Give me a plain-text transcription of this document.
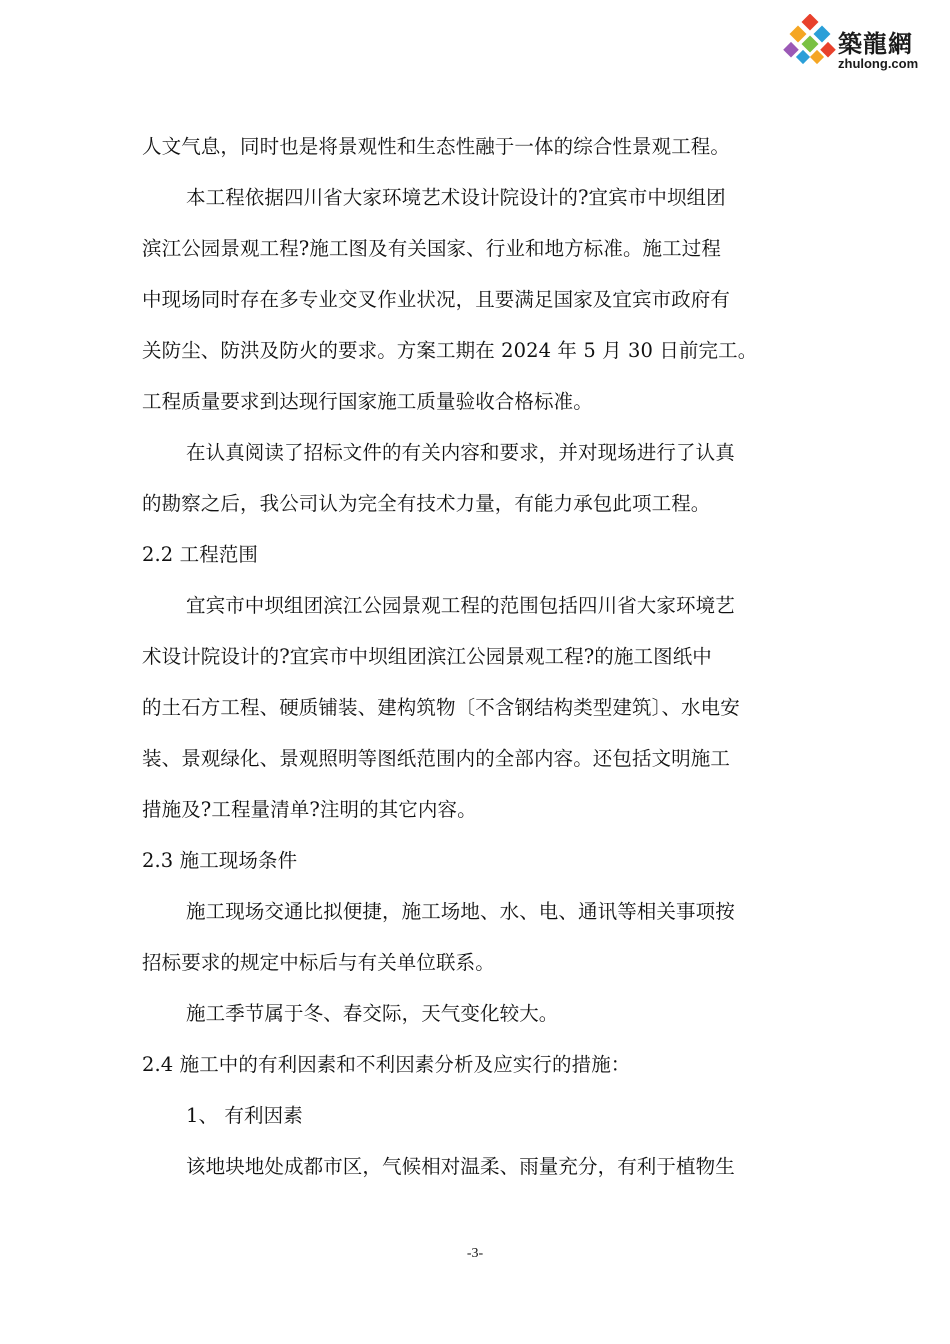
築龍網
zhulong.com
人文气息，同时也是将景观性和生态性融于一体的综合性景观工程。
本工程依据四川省大家环境艺术设计院设计的?宜宾市中坝组团
滨江公园景观工程?施工图及有关国家、行业和地方标准。施工过程
中现场同时存在多专业交叉作业状况，且要满足国家及宜宾市政府有
关防尘、防洪及防火的要求。方案工期在 2024 年 5 月 30 日前完工。
工程质量要求到达现行国家施工质量验收合格标准。
在认真阅读了招标文件的有关内容和要求，并对现场进行了认真
的勘察之后，我公司认为完全有技术力量，有能力承包此项工程。
2.2 工程范围
宜宾市中坝组团滨江公园景观工程的范围包括四川省大家环境艺
术设计院设计的?宜宾市中坝组团滨江公园景观工程?的施工图纸中
的土石方工程、硬质铺装、建构筑物〔不含钢结构类型建筑〕、水电安
装、景观绿化、景观照明等图纸范围内的全部内容。还包括文明施工
措施及?工程量清单?注明的其它内容。
2.3 施工现场条件
施工现场交通比拟便捷，施工场地、水、电、通讯等相关事项按
招标要求的规定中标后与有关单位联系。
施工季节属于冬、春交际，天气变化较大。
2.4 施工中的有利因素和不利因素分析及应实行的措施：
1、 有利因素
该地块地处成都市区，气候相对温柔、雨量充分，有利于植物生
-3-
